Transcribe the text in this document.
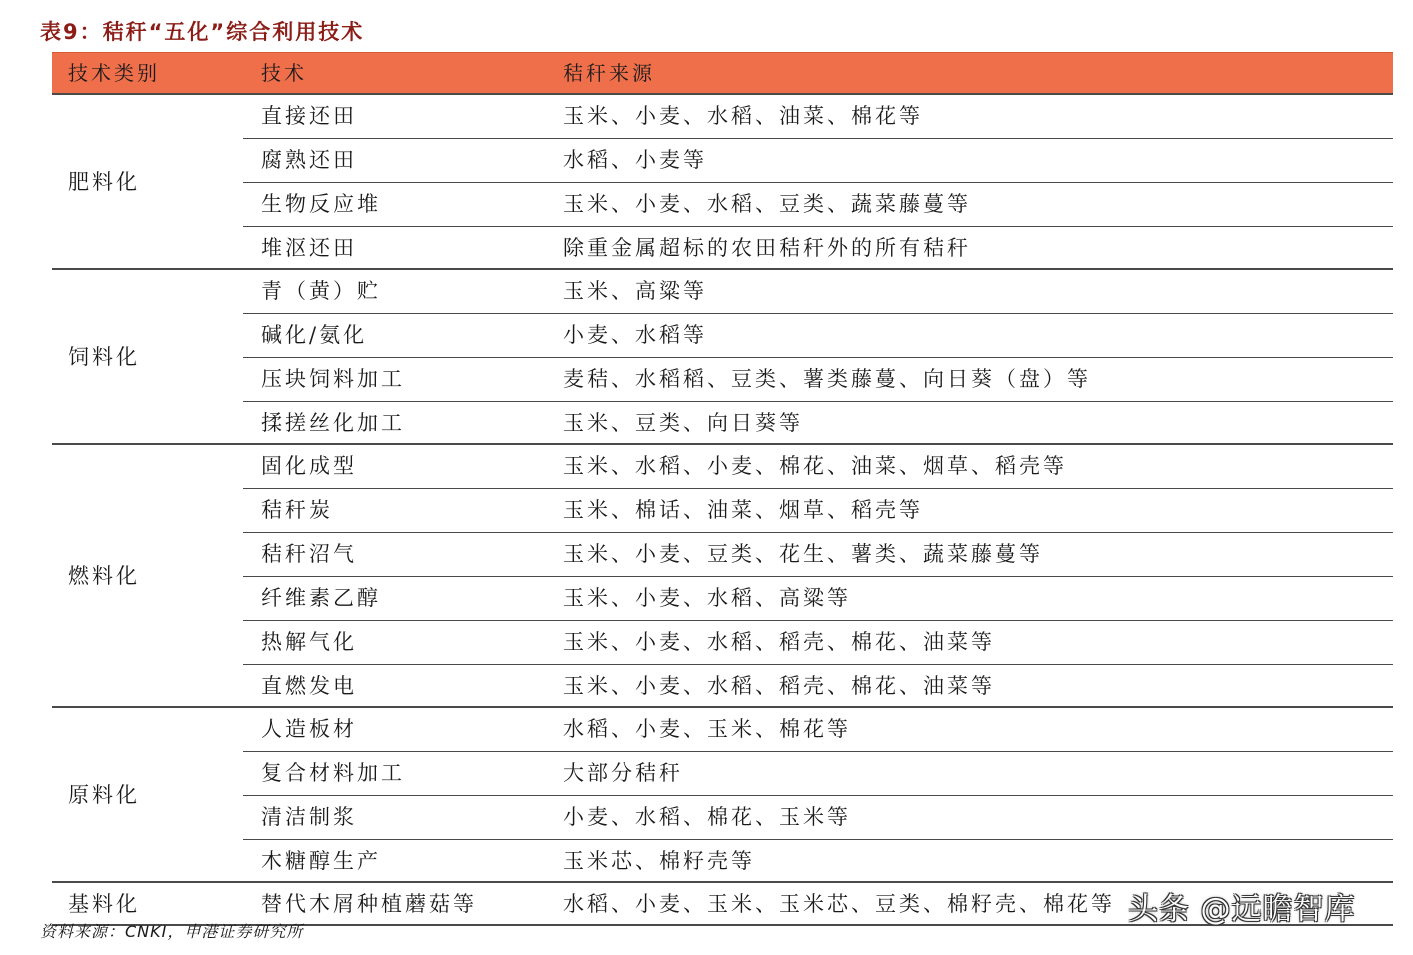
表9：秸秆“五化”综合利用技术
技术类别	技术	秸秆来源
肥料化
直接还田	玉米、小麦、水稻、油菜、棉花等
腐熟还田	水稻、小麦等
生物反应堆	玉米、小麦、水稻、豆类、蔬菜藤蔓等
堆沤还田	除重金属超标的农田秸秆外的所有秸秆
饲料化
青（黄）贮	玉米、高粱等
碱化/氨化	小麦、水稻等
压块饲料加工	麦秸、水稻稻、豆类、薯类藤蔓、向日葵（盘）等
揉搓丝化加工	玉米、豆类、向日葵等
燃料化
固化成型	玉米、水稻、小麦、棉花、油菜、烟草、稻壳等
秸秆炭	玉米、棉话、油菜、烟草、稻壳等
秸秆沼气	玉米、小麦、豆类、花生、薯类、蔬菜藤蔓等
纤维素乙醇	玉米、小麦、水稻、高粱等
热解气化	玉米、小麦、水稻、稻壳、棉花、油菜等
直燃发电	玉米、小麦、水稻、稻壳、棉花、油菜等
原料化
人造板材	水稻、小麦、玉米、棉花等
复合材料加工	大部分秸秆
清洁制浆	小麦、水稻、棉花、玉米等
木糖醇生产	玉米芯、棉籽壳等
基料化	替代木屑种植蘑菇等	水稻、小麦、玉米、玉米芯、豆类、棉籽壳、棉花等
资料来源：CNKI，申港证券研究所
头条 @远瞻智库
